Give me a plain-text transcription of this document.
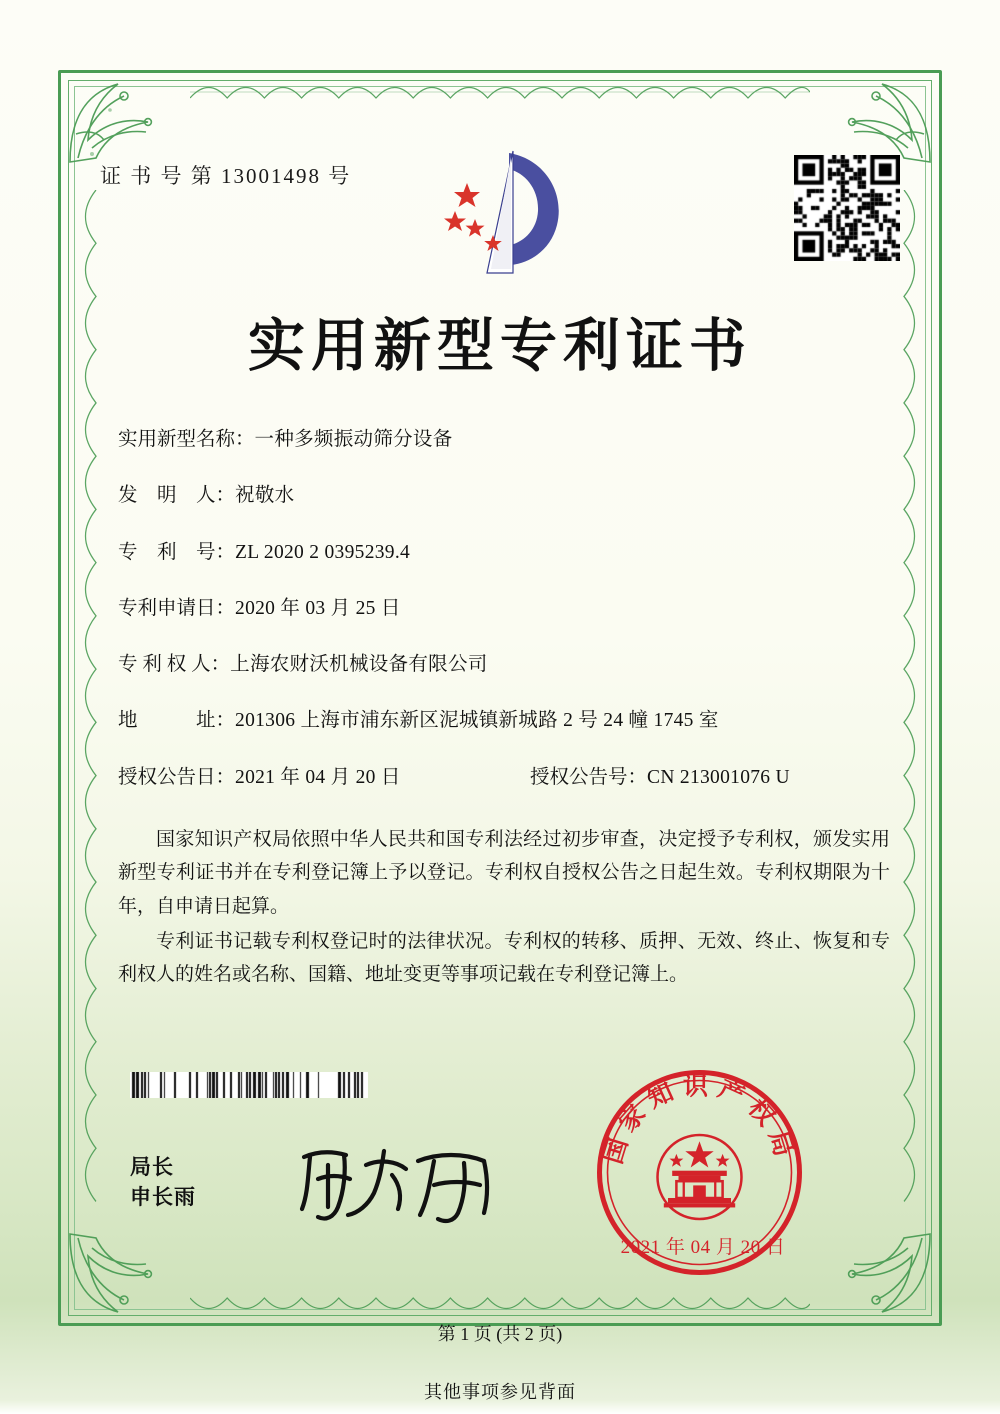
证 书 号 第 13001498 号
实用新型专利证书
实用新型名称： 一种多频振动筛分设备
发　明　人： 祝敬水
专　利　号： ZL 2020 2 0395239.4
专利申请日： 2020 年 03 月 25 日
专 利 权 人： 上海农财沃机械设备有限公司
地　　　址： 201306 上海市浦东新区泥城镇新城路 2 号 24 幢 1745 室
授权公告日： 2021 年 04 月 20 日	授权公告号： CN 213001076 U

国家知识产权局依照中华人民共和国专利法经过初步审查，决定授予专利权，颁发实用新型专利证书并在专利登记簿上予以登记。专利权自授权公告之日起生效。专利权期限为十年，自申请日起算。

专利证书记载专利权登记时的法律状况。专利权的转移、质押、无效、终止、恢复和专利权人的姓名或名称、国籍、地址变更等事项记载在专利登记簿上。

局长
申长雨
国家知识产权局
2021 年 04 月 20 日
第 1 页 (共 2 页)
其他事项参见背面
